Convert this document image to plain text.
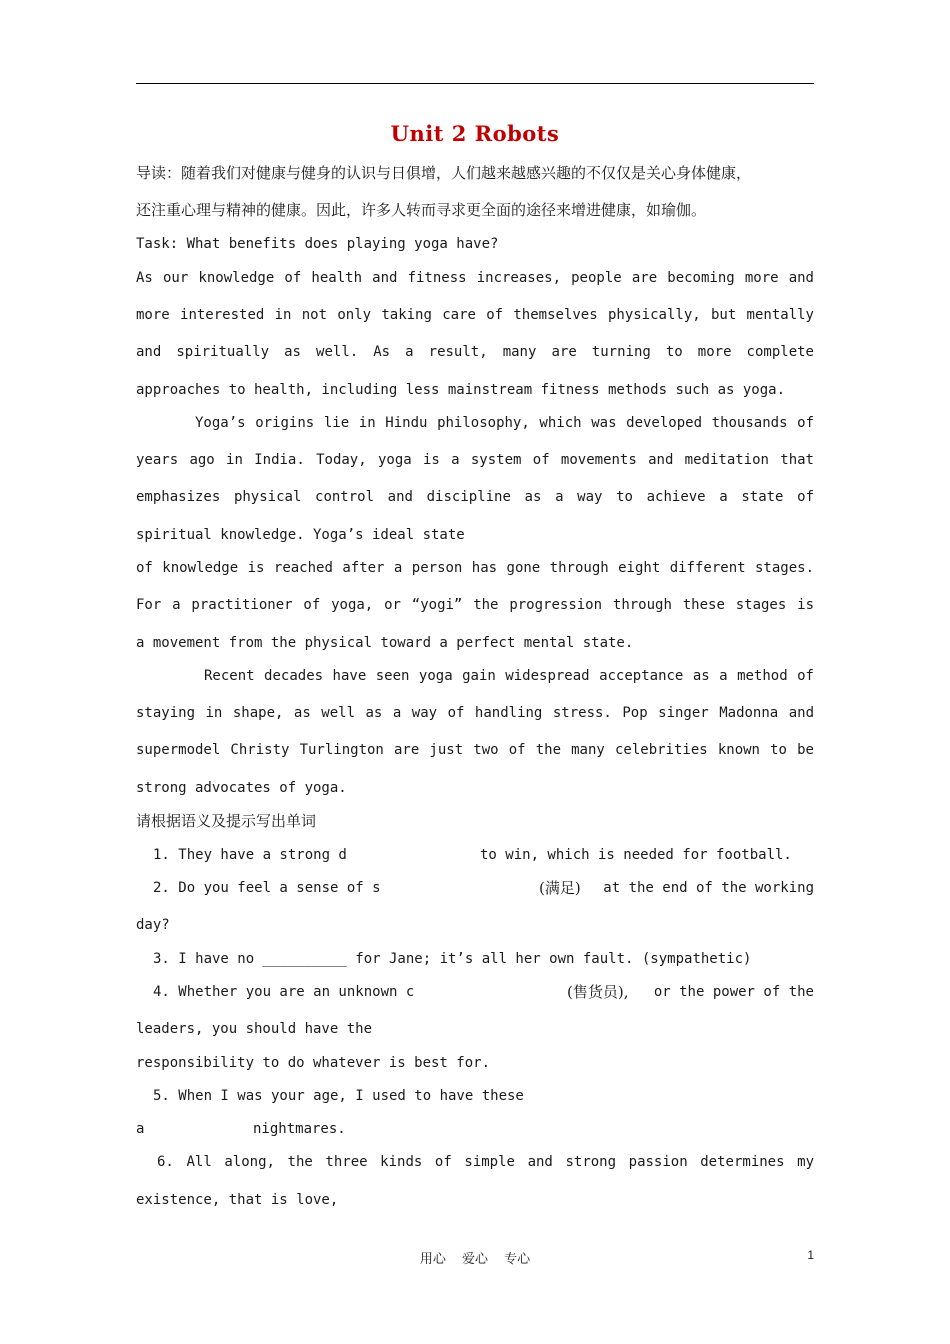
Unit 2 Robots
导读：随着我们对健康与健身的认识与日俱增，人们越来越感兴趣的不仅仅是关心身体健康，
还注重心理与精神的健康。因此，许多人转而寻求更全面的途径来增进健康，如瑜伽。
Task: What benefits does playing yoga have?
As our knowledge of health and fitness increases, people are becoming more and
more interested in not only taking care of themselves physically, but mentally
and spiritually as well. As a result, many are turning to more complete
approaches to health, including less mainstream fitness methods such as yoga.
Yoga’s origins lie in Hindu philosophy, which was developed thousands of
years ago in India. Today, yoga is a system of movements and meditation that
emphasizes physical control and discipline as a way to achieve a state of
spiritual knowledge. Yoga’s ideal state
of knowledge is reached after a person has gone through eight different stages.
For a practitioner of yoga, or “yogi” the progression through these stages is
a movement from the physical toward a perfect mental state.
Recent decades have seen yoga gain widespread acceptance as a method of
staying in shape, as well as a way of handling stress. Pop singer Madonna and
supermodel Christy Turlington are just two of the many celebrities known to be
strong advocates of yoga.
请根据语义及提示写出单词
1. They have a strong d	to win, which is needed for football.
2. Do you feel a sense of s	(满足)	at the end of the working
day?
3. I have no __________ for Jane; it’s all her own fault. (sympathetic)
4. Whether you are an unknown c	(售货员),	or the power of the
leaders, you should have the
responsibility to do whatever is best for.
5. When I was your age, I used to have these
a	nightmares.
6. All along, the three kinds of simple and strong passion determines my
existence, that is love,
用心 爱心 专心	1
